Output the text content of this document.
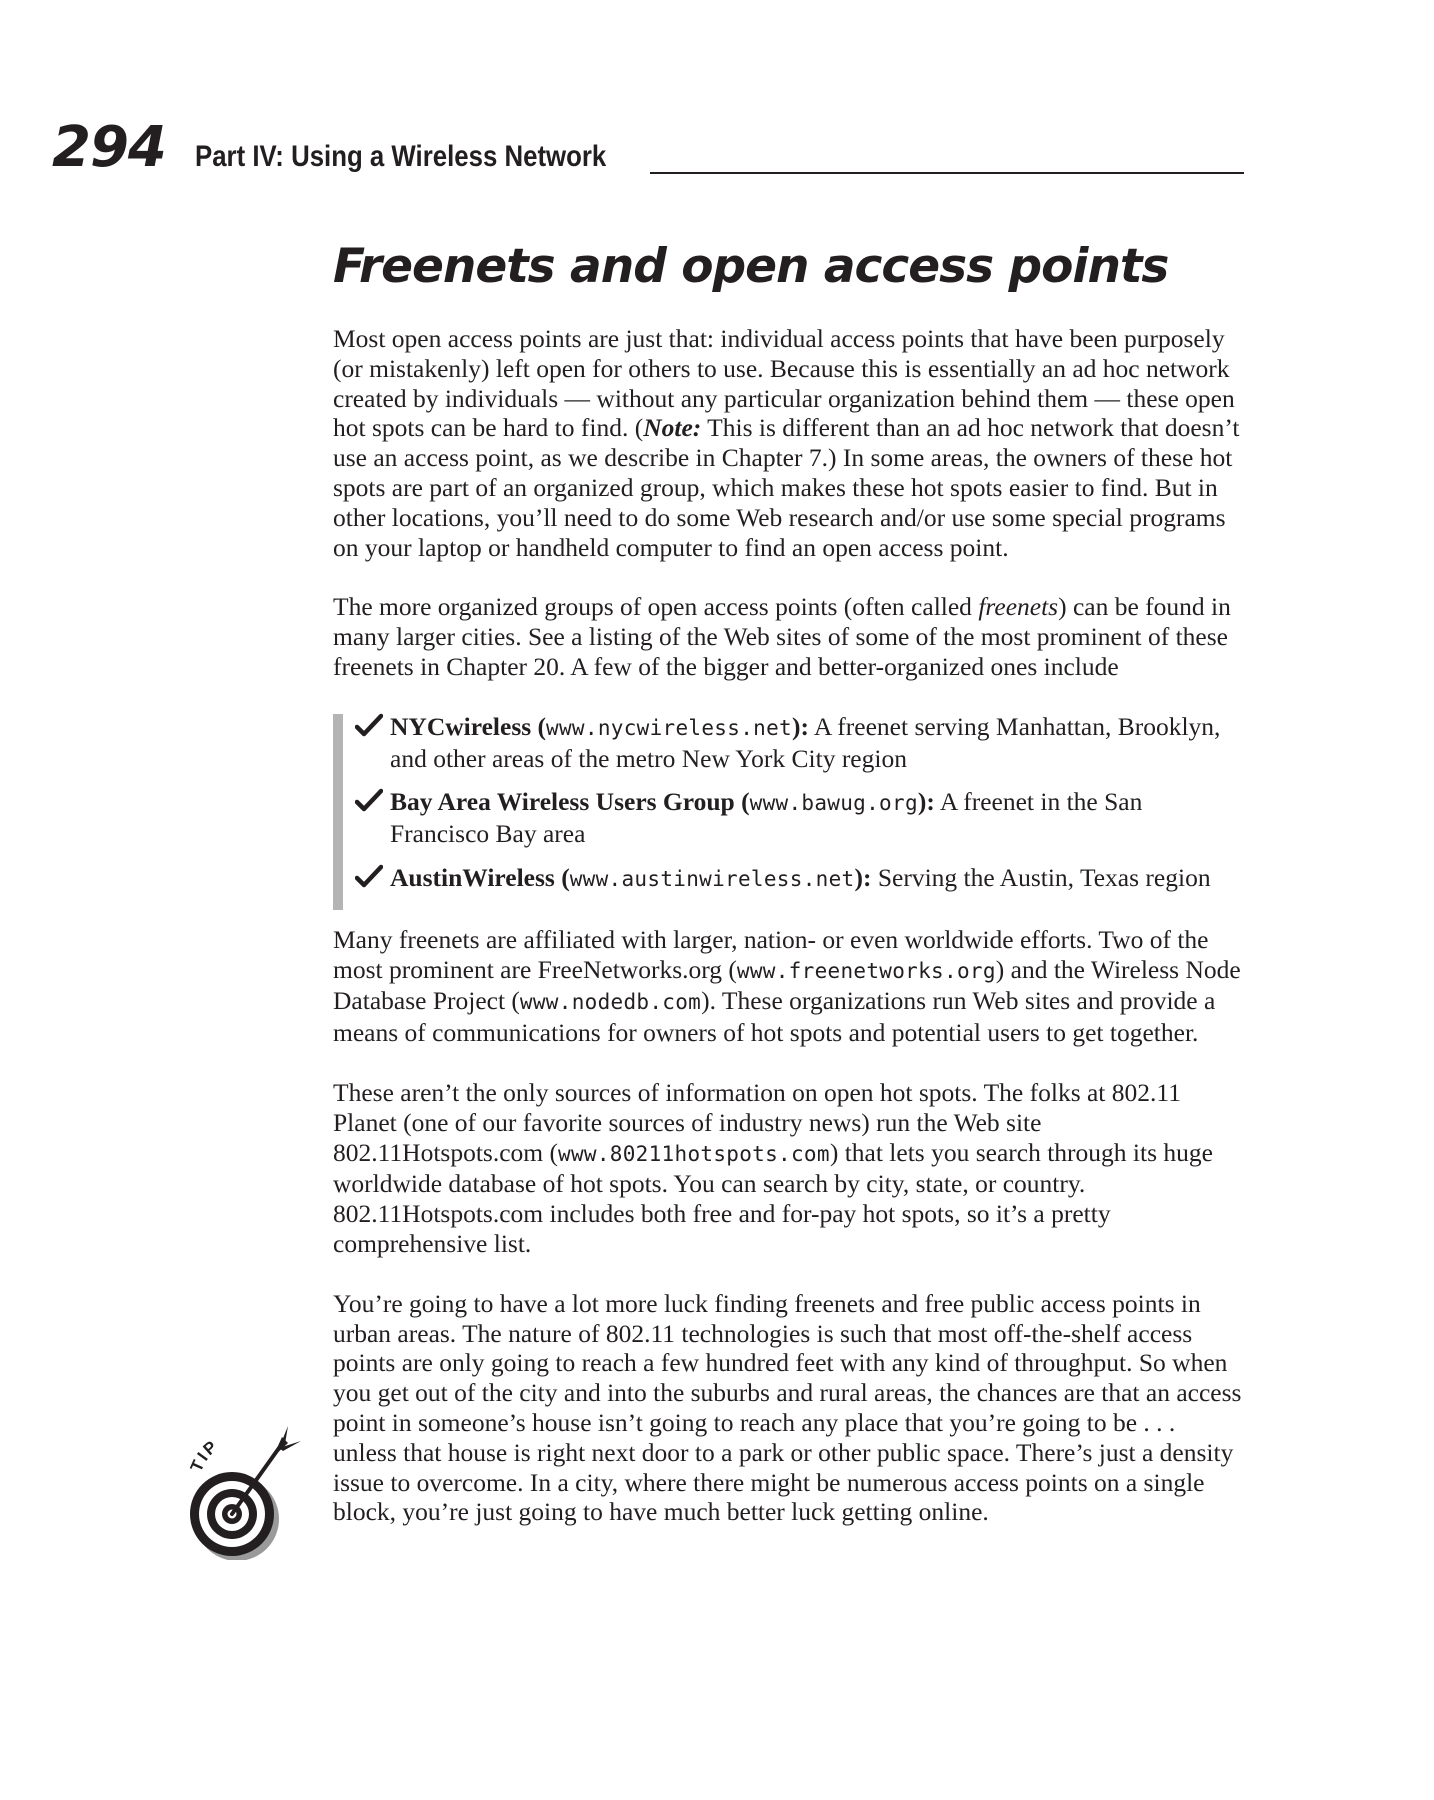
294 Part IV: Using a Wireless Network
Freenets and open access points

Most open access points are just that: individual access points that have been purposely (or mistakenly) left open for others to use. Because this is essentially an ad hoc network created by individuals — without any particular organization behind them — these open hot spots can be hard to find. (Note: This is different than an ad hoc network that doesn’t use an access point, as we describe in Chapter 7.) In some areas, the owners of these hot spots are part of an organized group, which makes these hot spots easier to find. But in other locations, you’ll need to do some Web research and/or use some special programs on your laptop or handheld computer to find an open access point.

The more organized groups of open access points (often called freenets) can be found in many larger cities. See a listing of the Web sites of some of the most prominent of these freenets in Chapter 20. A few of the bigger and better-organized ones include

NYCwireless (www.nycwireless.net): A freenet serving Manhattan, Brooklyn, and other areas of the metro New York City region
Bay Area Wireless Users Group (www.bawug.org): A freenet in the San Francisco Bay area
AustinWireless (www.austinwireless.net): Serving the Austin, Texas region

Many freenets are affiliated with larger, nation- or even worldwide efforts. Two of the most prominent are FreeNetworks.org (www.freenetworks.org) and the Wireless Node Database Project (www.nodedb.com). These organizations run Web sites and provide a means of communications for owners of hot spots and potential users to get together.

These aren’t the only sources of information on open hot spots. The folks at 802.11 Planet (one of our favorite sources of industry news) run the Web site 802.11Hotspots.com (www.80211hotspots.com) that lets you search through its huge worldwide database of hot spots. You can search by city, state, or country. 802.11Hotspots.com includes both free and for-pay hot spots, so it’s a pretty comprehensive list.

You’re going to have a lot more luck finding freenets and free public access points in urban areas. The nature of 802.11 technologies is such that most off-the-shelf access points are only going to reach a few hundred feet with any kind of throughput. So when you get out of the city and into the suburbs and rural areas, the chances are that an access point in someone’s house isn’t going to reach any place that you’re going to be . . . unless that house is right next door to a park or other public space. There’s just a density issue to overcome. In a city, where there might be numerous access points on a single block, you’re just going to have much better luck getting online.

TIP
